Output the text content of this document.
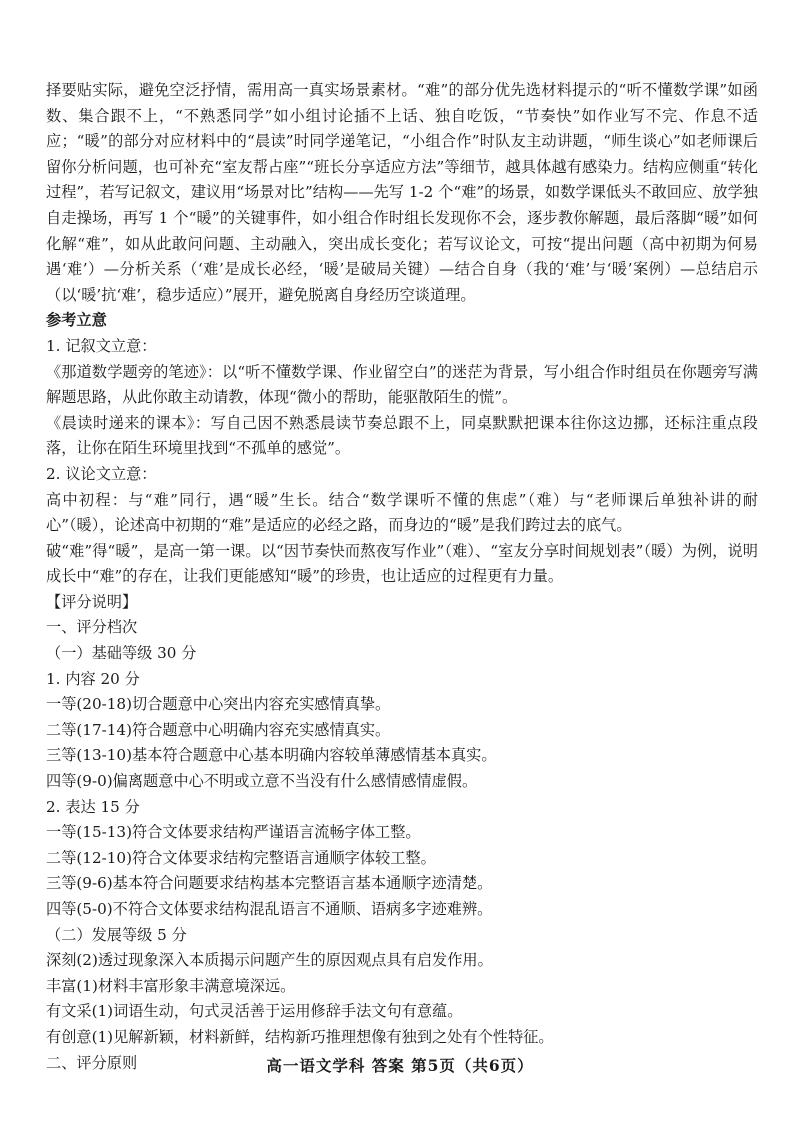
择要贴实际，避免空泛抒情，需用高一真实场景素材。“难”的部分优先选材料提示的“听不懂数学课”如函数、集合跟不上，“不熟悉同学”如小组讨论插不上话、独自吃饭，“节奏快”如作业写不完、作息不适应；“暖”的部分对应材料中的“晨读”时同学递笔记，“小组合作”时队友主动讲题，“师生谈心”如老师课后留你分析问题，也可补充“室友帮占座”“班长分享适应方法”等细节，越具体越有感染力。结构应侧重“转化过程”，若写记叙文，建议用“场景对比”结构——先写 1-2 个“难”的场景，如数学课低头不敢回应、放学独自走操场，再写 1 个“暖”的关键事件，如小组合作时组长发现你不会，逐步教你解题，最后落脚“暖”如何化解“难”，如从此敢问问题、主动融入，突出成长变化；若写议论文，可按“提出问题（高中初期为何易遇‘难’）—分析关系（‘难’是成长必经，‘暖’是破局关键）—结合自身（我的‘难’与‘暖’案例）—总结启示（以‘暖’抗‘难’，稳步适应）”展开，避免脱离自身经历空谈道理。

参考立意

1. 记叙文立意：

《那道数学题旁的笔迹》：以“听不懂数学课、作业留空白”的迷茫为背景，写小组合作时组员在你题旁写满解题思路，从此你敢主动请教，体现“微小的帮助，能驱散陌生的慌”。

《晨读时递来的课本》：写自己因不熟悉晨读节奏总跟不上，同桌默默把课本往你这边挪，还标注重点段落，让你在陌生环境里找到“不孤单的感觉”。

2. 议论文立意：

高中初程：与“难”同行，遇“暖”生长。结合“数学课听不懂的焦虑”（难）与“老师课后单独补讲的耐心”（暖），论述高中初期的“难”是适应的必经之路，而身边的“暖”是我们跨过去的底气。

破“难”得“暖”，是高一第一课。以“因节奏快而熬夜写作业”（难）、“室友分享时间规划表”（暖）为例，说明成长中“难”的存在，让我们更能感知“暖”的珍贵，也让适应的过程更有力量。

【评分说明】

一、评分档次

（一）基础等级 30 分

1. 内容 20 分

一等(20-18)切合题意中心突出内容充实感情真挚。

二等(17-14)符合题意中心明确内容充实感情真实。

三等(13-10)基本符合题意中心基本明确内容较单薄感情基本真实。

四等(9-0)偏离题意中心不明或立意不当没有什么感情感情虚假。

2. 表达 15 分

一等(15-13)符合文体要求结构严谨语言流畅字体工整。

二等(12-10)符合文体要求结构完整语言通顺字体较工整。

三等(9-6)基本符合问题要求结构基本完整语言基本通顺字迹清楚。

四等(5-0)不符合文体要求结构混乱语言不通顺、语病多字迹难辨。

（二）发展等级 5 分

深刻(2)透过现象深入本质揭示问题产生的原因观点具有启发作用。

丰富(1)材料丰富形象丰满意境深远。

有文采(1)词语生动，句式灵活善于运用修辞手法文句有意蕴。

有创意(1)见解新颖，材料新鲜，结构新巧推理想像有独到之处有个性特征。

二、评分原则	高一语文学科 答案 第5页（共6页）
